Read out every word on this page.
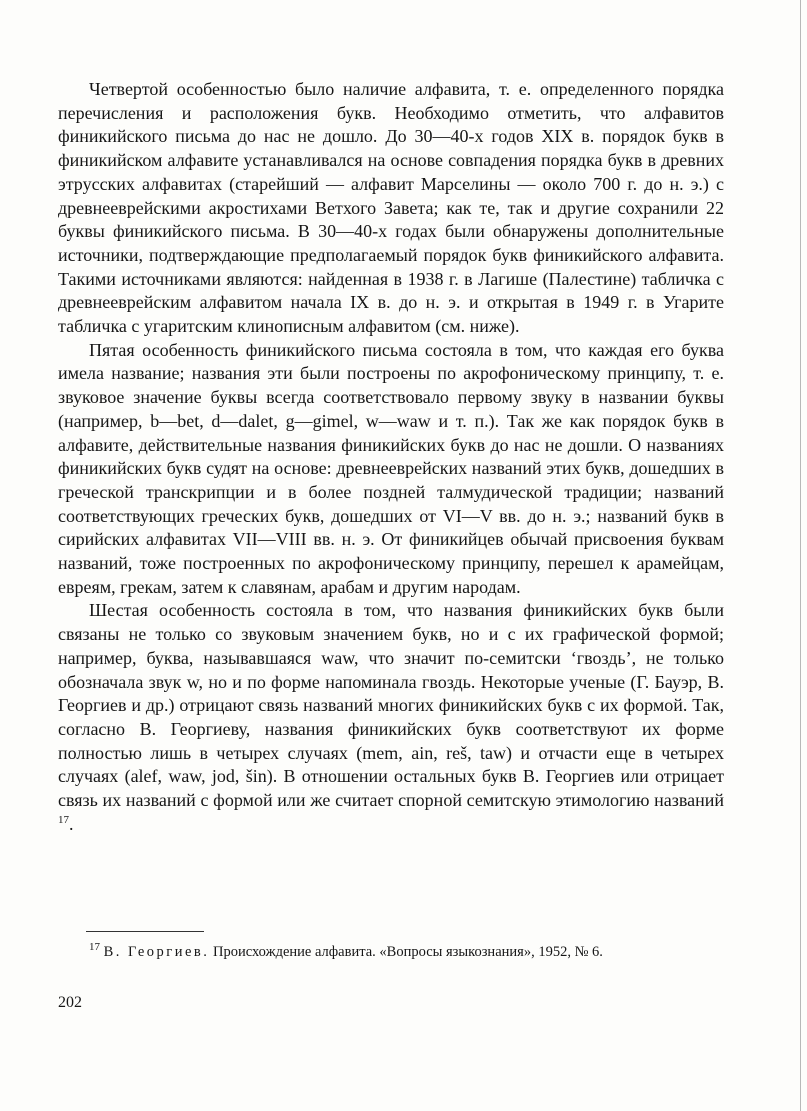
Четвертой особенностью было наличие алфавита, т. е. определенного порядка перечисления и расположения букв. Необходимо отметить, что алфавитов финикийского письма до нас не дошло. До 30—40-х годов XIX в. порядок букв в финикийском алфавите устанавливался на основе совпадения порядка букв в древних этрусских алфавитах (старейший — алфавит Марселины — около 700 г. до н. э.) с древнееврейскими акростихами Ветхого Завета; как те, так и другие сохранили 22 буквы финикийского письма. В 30—40-х годах были обнаружены дополнительные источники, подтверждающие предполагаемый порядок букв финикийского алфавита. Такими источниками являются: найденная в 1938 г. в Лагише (Палестине) табличка с древнееврейским алфавитом начала IX в. до н. э. и открытая в 1949 г. в Угарите табличка с угаритским клинописным алфавитом (см. ниже).

Пятая особенность финикийского письма состояла в том, что каждая его буква имела название; названия эти были построены по акрофоническому принципу, т. е. звуковое значение буквы всегда соответствовало первому звуку в названии буквы (например, b—bet, d—dalet, g—gimel, w—waw и т. п.). Так же как порядок букв в алфавите, действительные названия финикийских букв до нас не дошли. О названиях финикийских букв судят на основе: древнееврейских названий этих букв, дошедших в греческой транскрипции и в более поздней талмудической традиции; названий соответствующих греческих букв, дошедших от VI—V вв. до н. э.; названий букв в сирийских алфавитах VII—VIII вв. н. э. От финикийцев обычай присвоения буквам названий, тоже построенных по акрофоническому принципу, перешел к арамейцам, евреям, грекам, затем к славянам, арабам и другим народам.

Шестая особенность состояла в том, что названия финикийских букв были связаны не только со звуковым значением букв, но и с их графической формой; например, буква, называвшаяся waw, что значит по-семитски ‘гвоздь’, не только обозначала звук w, но и по форме напоминала гвоздь. Некоторые ученые (Г. Бауэр, В. Георгиев и др.) отрицают связь названий многих финикийских букв с их формой. Так, согласно В. Георгиеву, названия финикийских букв соответствуют их форме полностью лишь в четырех случаях (mem, ain, reš, taw) и отчасти еще в четырех случаях (alef, waw, jod, šin). В отношении остальных букв В. Георгиев или отрицает связь их названий с формой или же считает спорной семитскую этимологию названий $^{17}$.

$^{17}$ В. Георгиев. Происхождение алфавита. «Вопросы языкознания», 1952, № 6.

202
